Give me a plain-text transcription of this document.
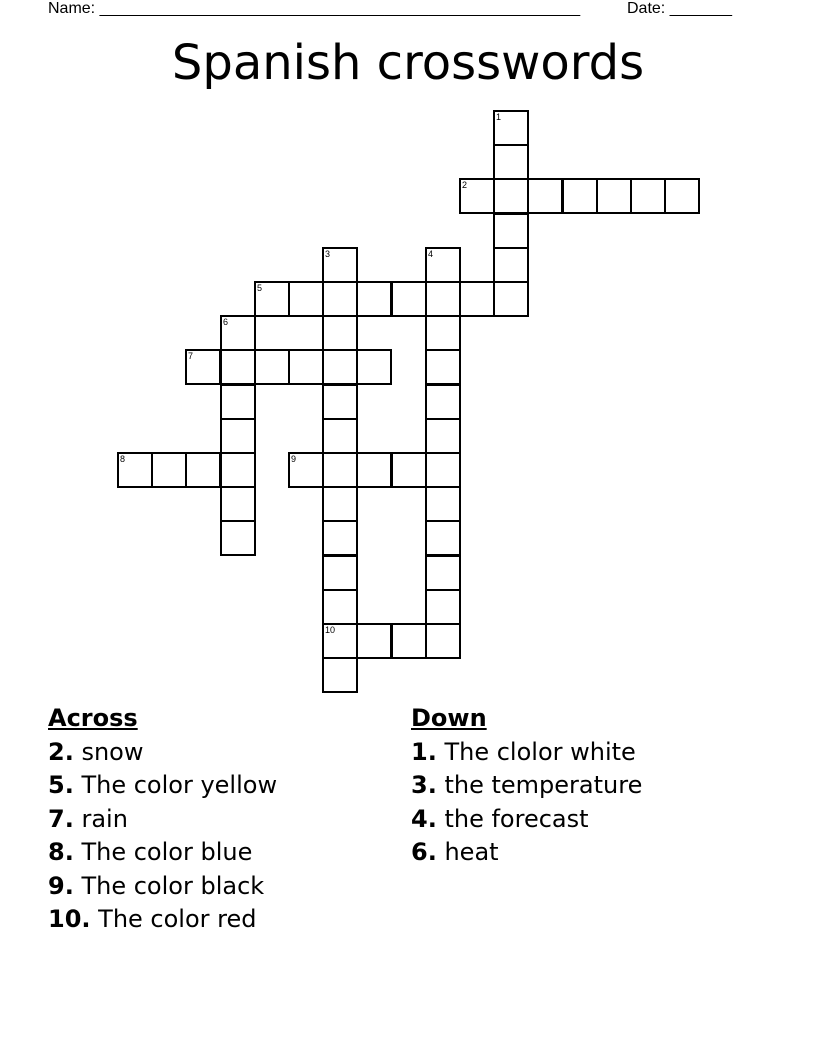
Name: ______________________________________________________	Date: _______
Spanish crosswords
1
2
3
10
4
5
6
7
8	9
Across
2. snow
5. The color yellow
7. rain
8. The color blue
9. The color black
10. The color red
Down
1. The clolor white
3. the temperature
4. the forecast
6. heat
